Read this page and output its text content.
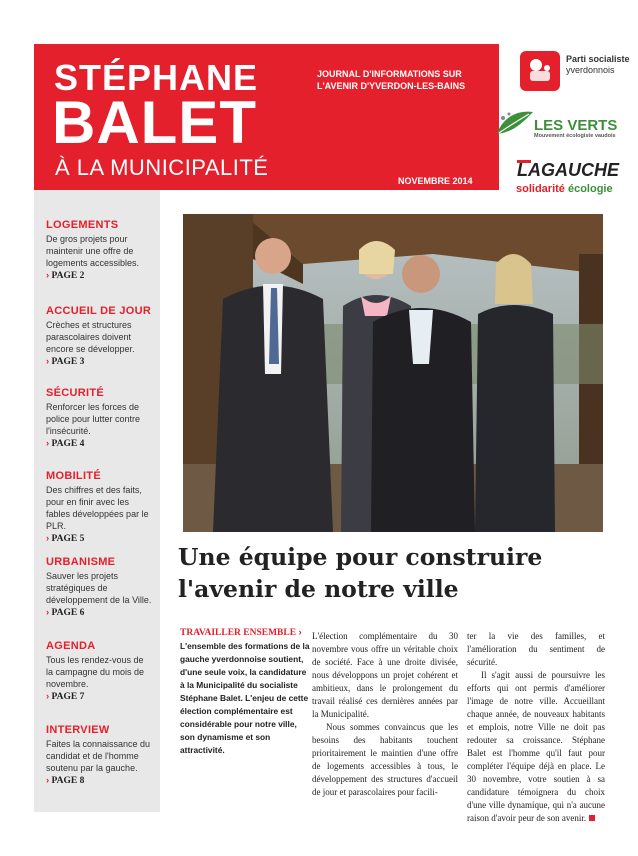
STÉPHANE
BALET
À LA MUNICIPALITÉ
JOURNAL D'INFORMATIONS SUR
L'AVENIR D'YVERDON-LES-BAINS
NOVEMBRE 2014
Parti socialiste
yverdonnois
LES VERTS
Mouvement écologiste vaudois
LAGAUCHE
solidarité écologie
LOGEMENTS
De gros projets pour maintenir une offre de logements accessibles.
› PAGE 2
ACCUEIL DE JOUR
Crèches et structures parascolaires doivent encore se développer.
› PAGE 3
SÉCURITÉ
Renforcer les forces de police pour lutter contre l'insécurité.
› PAGE 4
MOBILITÉ
Des chiffres et des faits, pour en finir avec les fables développées par le PLR.
› PAGE 5
URBANISME
Sauver les projets stratégiques de développement de la Ville.
› PAGE 6
AGENDA
Tous les rendez-vous de la campagne du mois de novembre.
› PAGE 7
INTERVIEW
Faites la connaissance du candidat et de l'homme soutenu par la gauche.
› PAGE 8
Une équipe pour construire
l'avenir de notre ville
TRAVAILLER ENSEMBLE ›
L'ensemble des formations de la gauche yverdonnoise soutient, d'une seule voix, la candidature à la Municipalité du socialiste Stéphane Balet. L'enjeu de cette élection complémentaire est considérable pour notre ville, son dynamisme et son attractivité.

L'élection complémentaire du 30 novembre vous offre un véritable choix de société. Face à une droite divisée, nous développons un projet cohérent et ambitieux, dans le prolongement du travail réalisé ces dernières années par la Municipalité.

Nous sommes convaincus que les besoins des habitants touchent prioritairement le maintien d'une offre de logements accessibles à tous, le développement des structures d'accueil de jour et parascolaires pour facili-

ter la vie des familles, et l'amélioration du sentiment de sécurité.

Il s'agit aussi de poursuivre les efforts qui ont permis d'améliorer l'image de notre ville. Accueillant chaque année, de nouveaux habitants et emplois, notre Ville ne doit pas redouter sa croissance. Stéphane Balet est l'homme qu'il faut pour compléter l'équipe déjà en place. Le 30 novembre, votre soutien à sa candidature témoignera du choix d'une ville dynamique, qui n'a aucune raison d'avoir peur de son avenir.
